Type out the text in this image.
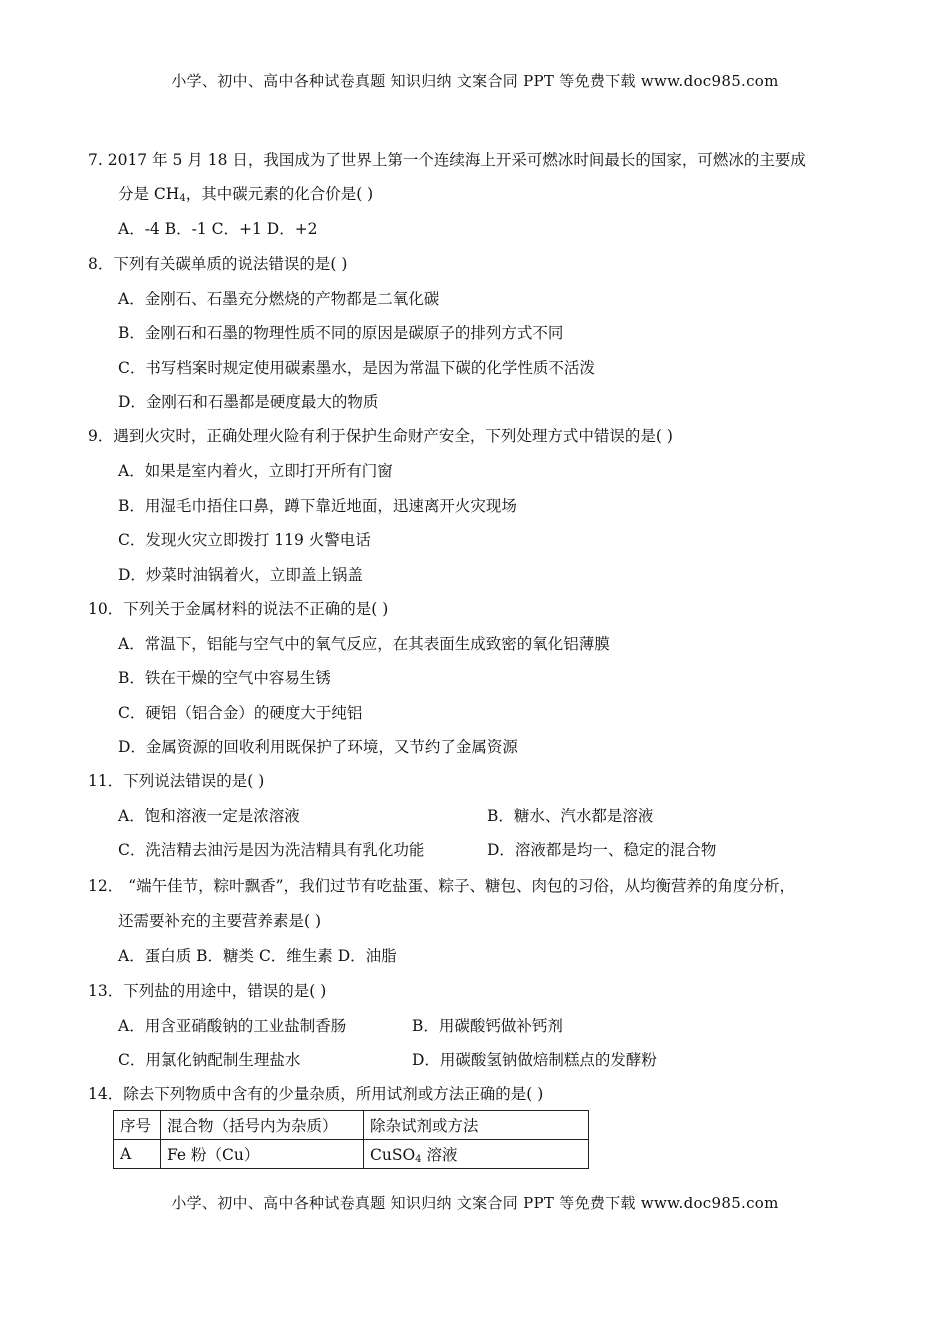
小学、初中、高中各种试卷真题 知识归纳 文案合同 PPT 等免费下载 www.doc985.com
7. 2017 年 5 月 18 日，我国成为了世界上第一个连续海上开采可燃冰时间最长的国家，可燃冰的主要成
分是 $CH_4$，其中碳元素的化合价是( )
A．-4 B．-1 C．+1 D．+2
8．下列有关碳单质的说法错误的是( )
A．金刚石、石墨充分燃烧的产物都是二氧化碳
B．金刚石和石墨的物理性质不同的原因是碳原子的排列方式不同
C．书写档案时规定使用碳素墨水，是因为常温下碳的化学性质不活泼
D．金刚石和石墨都是硬度最大的物质
9．遇到火灾时，正确处理火险有利于保护生命财产安全，下列处理方式中错误的是( )
A．如果是室内着火，立即打开所有门窗
B．用湿毛巾捂住口鼻，蹲下靠近地面，迅速离开火灾现场
C．发现火灾立即拨打 119 火警电话
D．炒菜时油锅着火，立即盖上锅盖
10．下列关于金属材料的说法不正确的是( )
A．常温下，铝能与空气中的氧气反应，在其表面生成致密的氧化铝薄膜
B．铁在干燥的空气中容易生锈
C．硬铝（铝合金）的硬度大于纯铝
D．金属资源的回收利用既保护了环境，又节约了金属资源
11．下列说法错误的是( )
A．饱和溶液一定是浓溶液	B．糖水、汽水都是溶液
C．洗洁精去油污是因为洗洁精具有乳化功能	D．溶液都是均一、稳定的混合物
12． “端午佳节，粽叶飘香”，我们过节有吃盐蛋、粽子、糖包、肉包的习俗，从均衡营养的角度分析，
还需要补充的主要营养素是( )
A．蛋白质 B．糖类 C．维生素 D．油脂
13．下列盐的用途中，错误的是( )
A．用含亚硝酸钠的工业盐制香肠	B．用碳酸钙做补钙剂
C．用氯化钠配制生理盐水	D．用碳酸氢钠做焙制糕点的发酵粉
14．除去下列物质中含有的少量杂质，所用试剂或方法正确的是( )
序号	混合物（括号内为杂质）	除杂试剂或方法
A	Fe 粉（Cu）	CuSO$_4$ 溶液
小学、初中、高中各种试卷真题 知识归纳 文案合同 PPT 等免费下载 www.doc985.com
